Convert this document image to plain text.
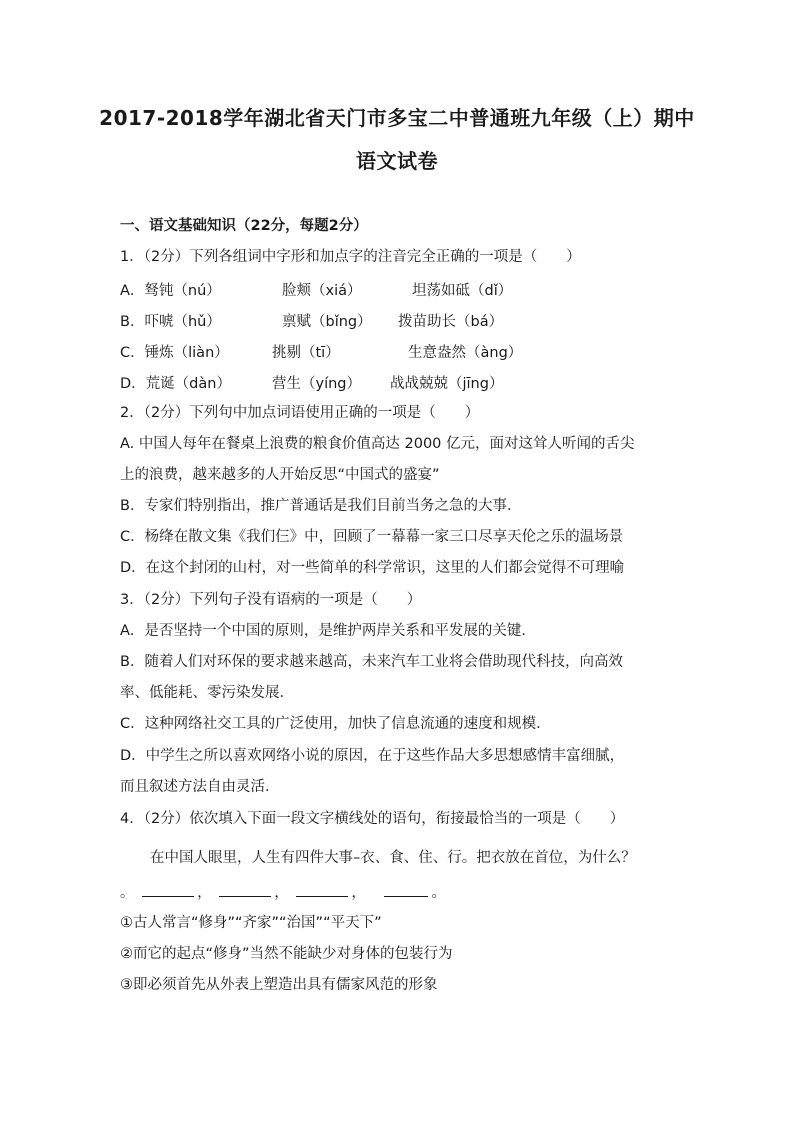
2017-2018学年湖北省天门市多宝二中普通班九年级（上）期中
语文试卷
一、语文基础知识（22分，每题2分）
1．（2分）下列各组词中字形和加点字的注音完全正确的一项是（　　）
A．驽钝（nú）	脸颊（xiá）	坦荡如砥（dǐ）
B．吓唬（hǔ）	禀赋（bǐng） 拨苗助长（bá）
C．锤炼（liàn）	挑剔（tī）	生意盎然（àng）
D．荒诞（dàn）	营生（yíng） 战战兢兢（jīng）
2．（2分）下列句中加点词语使用正确的一项是（　　）
A. 中国人每年在餐桌上浪费的粮食价值高达 2000 亿元，面对这耸人听闻的舌尖
上的浪费，越来越多的人开始反思“中国式的盛宴”
B．专家们特别指出，推广普通话是我们目前当务之急的大事．
C．杨绛在散文集《我们仨》中，回顾了一幕幕一家三口尽享天伦之乐的温场景
D．在这个封闭的山村，对一些简单的科学常识，这里的人们都会觉得不可理喻
3．（2分）下列句子没有语病的一项是（　　）
A．是否坚持一个中国的原则，是维护两岸关系和平发展的关键．
B．随着人们对环保的要求越来越高，未来汽车工业将会借助现代科技，向高效
率、低能耗、零污染发展．
C．这种网络社交工具的广泛使用，加快了信息流通的速度和规模．
D．中学生之所以喜欢网络小说的原因，在于这些作品大多思想感情丰富细腻，
而且叙述方法自由灵活．
4．（2分）依次填入下面一段文字横线处的语句，衔接最恰当的一项是（　　）
在中国人眼里，人生有四件大事–衣、食、住、行。把衣放在首位，为什么？
。	，	，	，	。
①古人常言“修身”“齐家”“治国”“平天下”
②而它的起点“修身”当然不能缺少对身体的包装行为
③即必须首先从外表上塑造出具有儒家风范的形象
